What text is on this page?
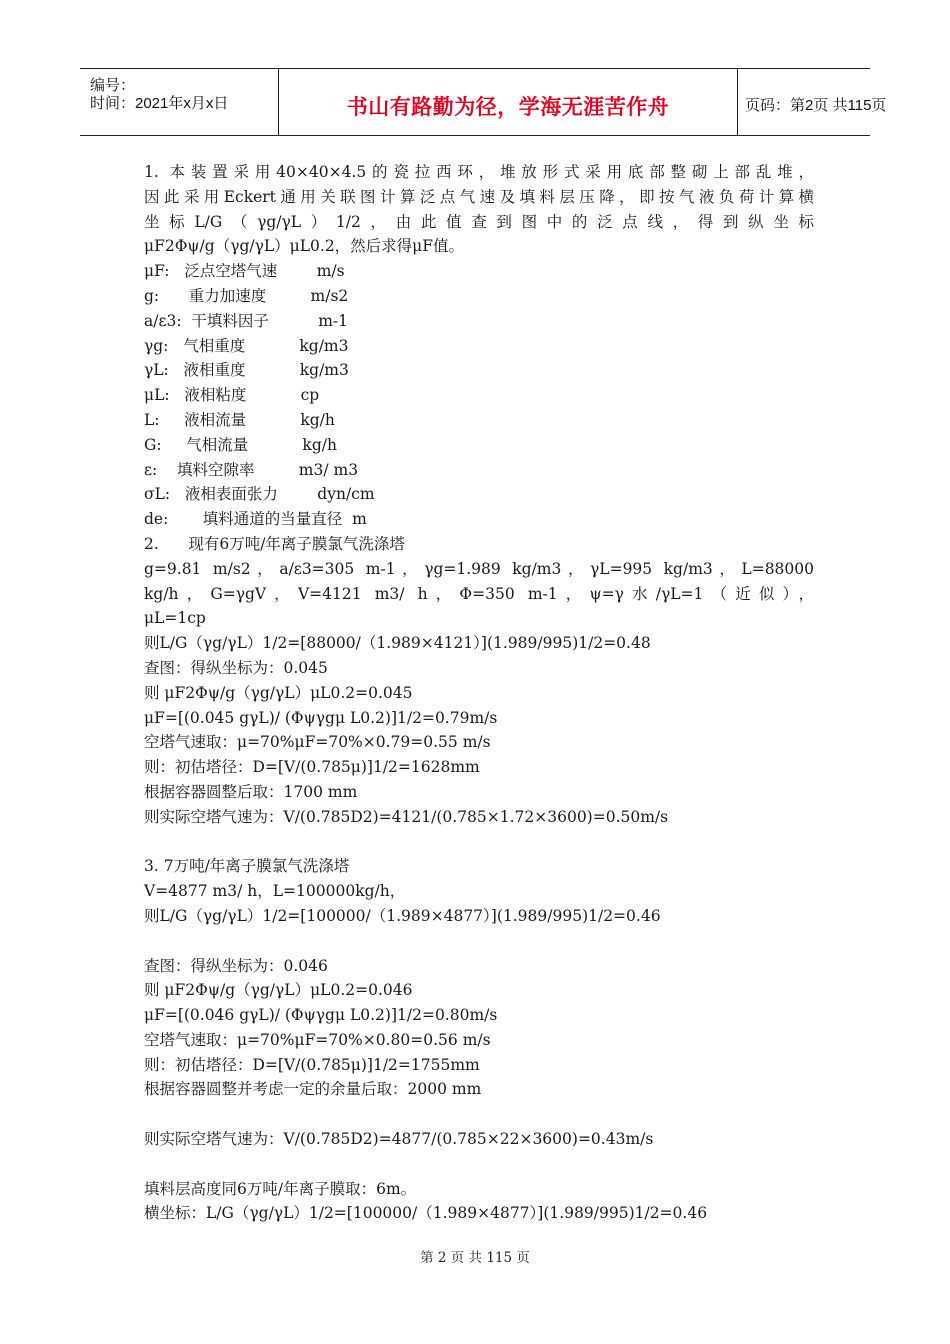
编号：
时间：2021年x月x日	书山有路勤为径，学海无涯苦作舟	页码：第2页 共115页
1. 本装置采用40×40×4.5的瓷拉西环，堆放形式采用底部整砌上部乱堆，
因此采用Eckert通用关联图计算泛点气速及填料层压降，即按气液负荷计算横
坐标L/G（γg/γL）1/2，由此值查到图中的泛点线，得到纵坐标
μF2Φψ/g（γg/γL）μL0.2，然后求得μF值。
μF:   泛点空塔气速        m/s
g:      重力加速度         m/s2
a/ε3:  干填料因子          m-1
γg:   气相重度           kg/m3
γL:   液相重度           kg/m3
μL:   液相粘度           cp
L:     液相流量           kg/h
G:     气相流量           kg/h
ε:    填料空隙率         m3/ m3
σL:   液相表面张力        dyn/cm
de:       填料通道的当量直径  m
2.      现有6万吨/年离子膜氯气洗涤塔
g=9.81 m/s2，a/ε3=305 m-1，γg=1.989 kg/m3，γL=995 kg/m3，L=88000
kg/h，G=γgV，V=4121 m3/ h，Φ=350 m-1，ψ=γ水/γL=1（近似），
μL=1cp
则L/G（γg/γL）1/2=[88000/（1.989×4121）](1.989/995)1/2=0.48
查图：得纵坐标为：0.045
则 μF2Φψ/g（γg/γL）μL0.2=0.045
μF=[(0.045 gγL)/ (Φψγgμ L0.2)]1/2=0.79m/s
空塔气速取：μ=70%μF=70%×0.79=0.55 m/s
则：初估塔径：D=[V/(0.785μ)]1/2=1628mm
根据容器圆整后取：1700 mm
则实际空塔气速为：V/(0.785D2)=4121/(0.785×1.72×3600)=0.50m/s
3. 7万吨/年离子膜氯气洗涤塔
V=4877 m3/ h，L=100000kg/h，
则L/G（γg/γL）1/2=[100000/（1.989×4877）](1.989/995)1/2=0.46
查图：得纵坐标为：0.046
则 μF2Φψ/g（γg/γL）μL0.2=0.046
μF=[(0.046 gγL)/ (Φψγgμ L0.2)]1/2=0.80m/s
空塔气速取：μ=70%μF=70%×0.80=0.56 m/s
则：初估塔径：D=[V/(0.785μ)]1/2=1755mm
根据容器圆整并考虑一定的余量后取：2000 mm
则实际空塔气速为：V/(0.785D2)=4877/(0.785×22×3600)=0.43m/s
填料层高度同6万吨/年离子膜取：6m。
横坐标：L/G（γg/γL）1/2=[100000/（1.989×4877）](1.989/995)1/2=0.46
第 2 页 共 115 页
